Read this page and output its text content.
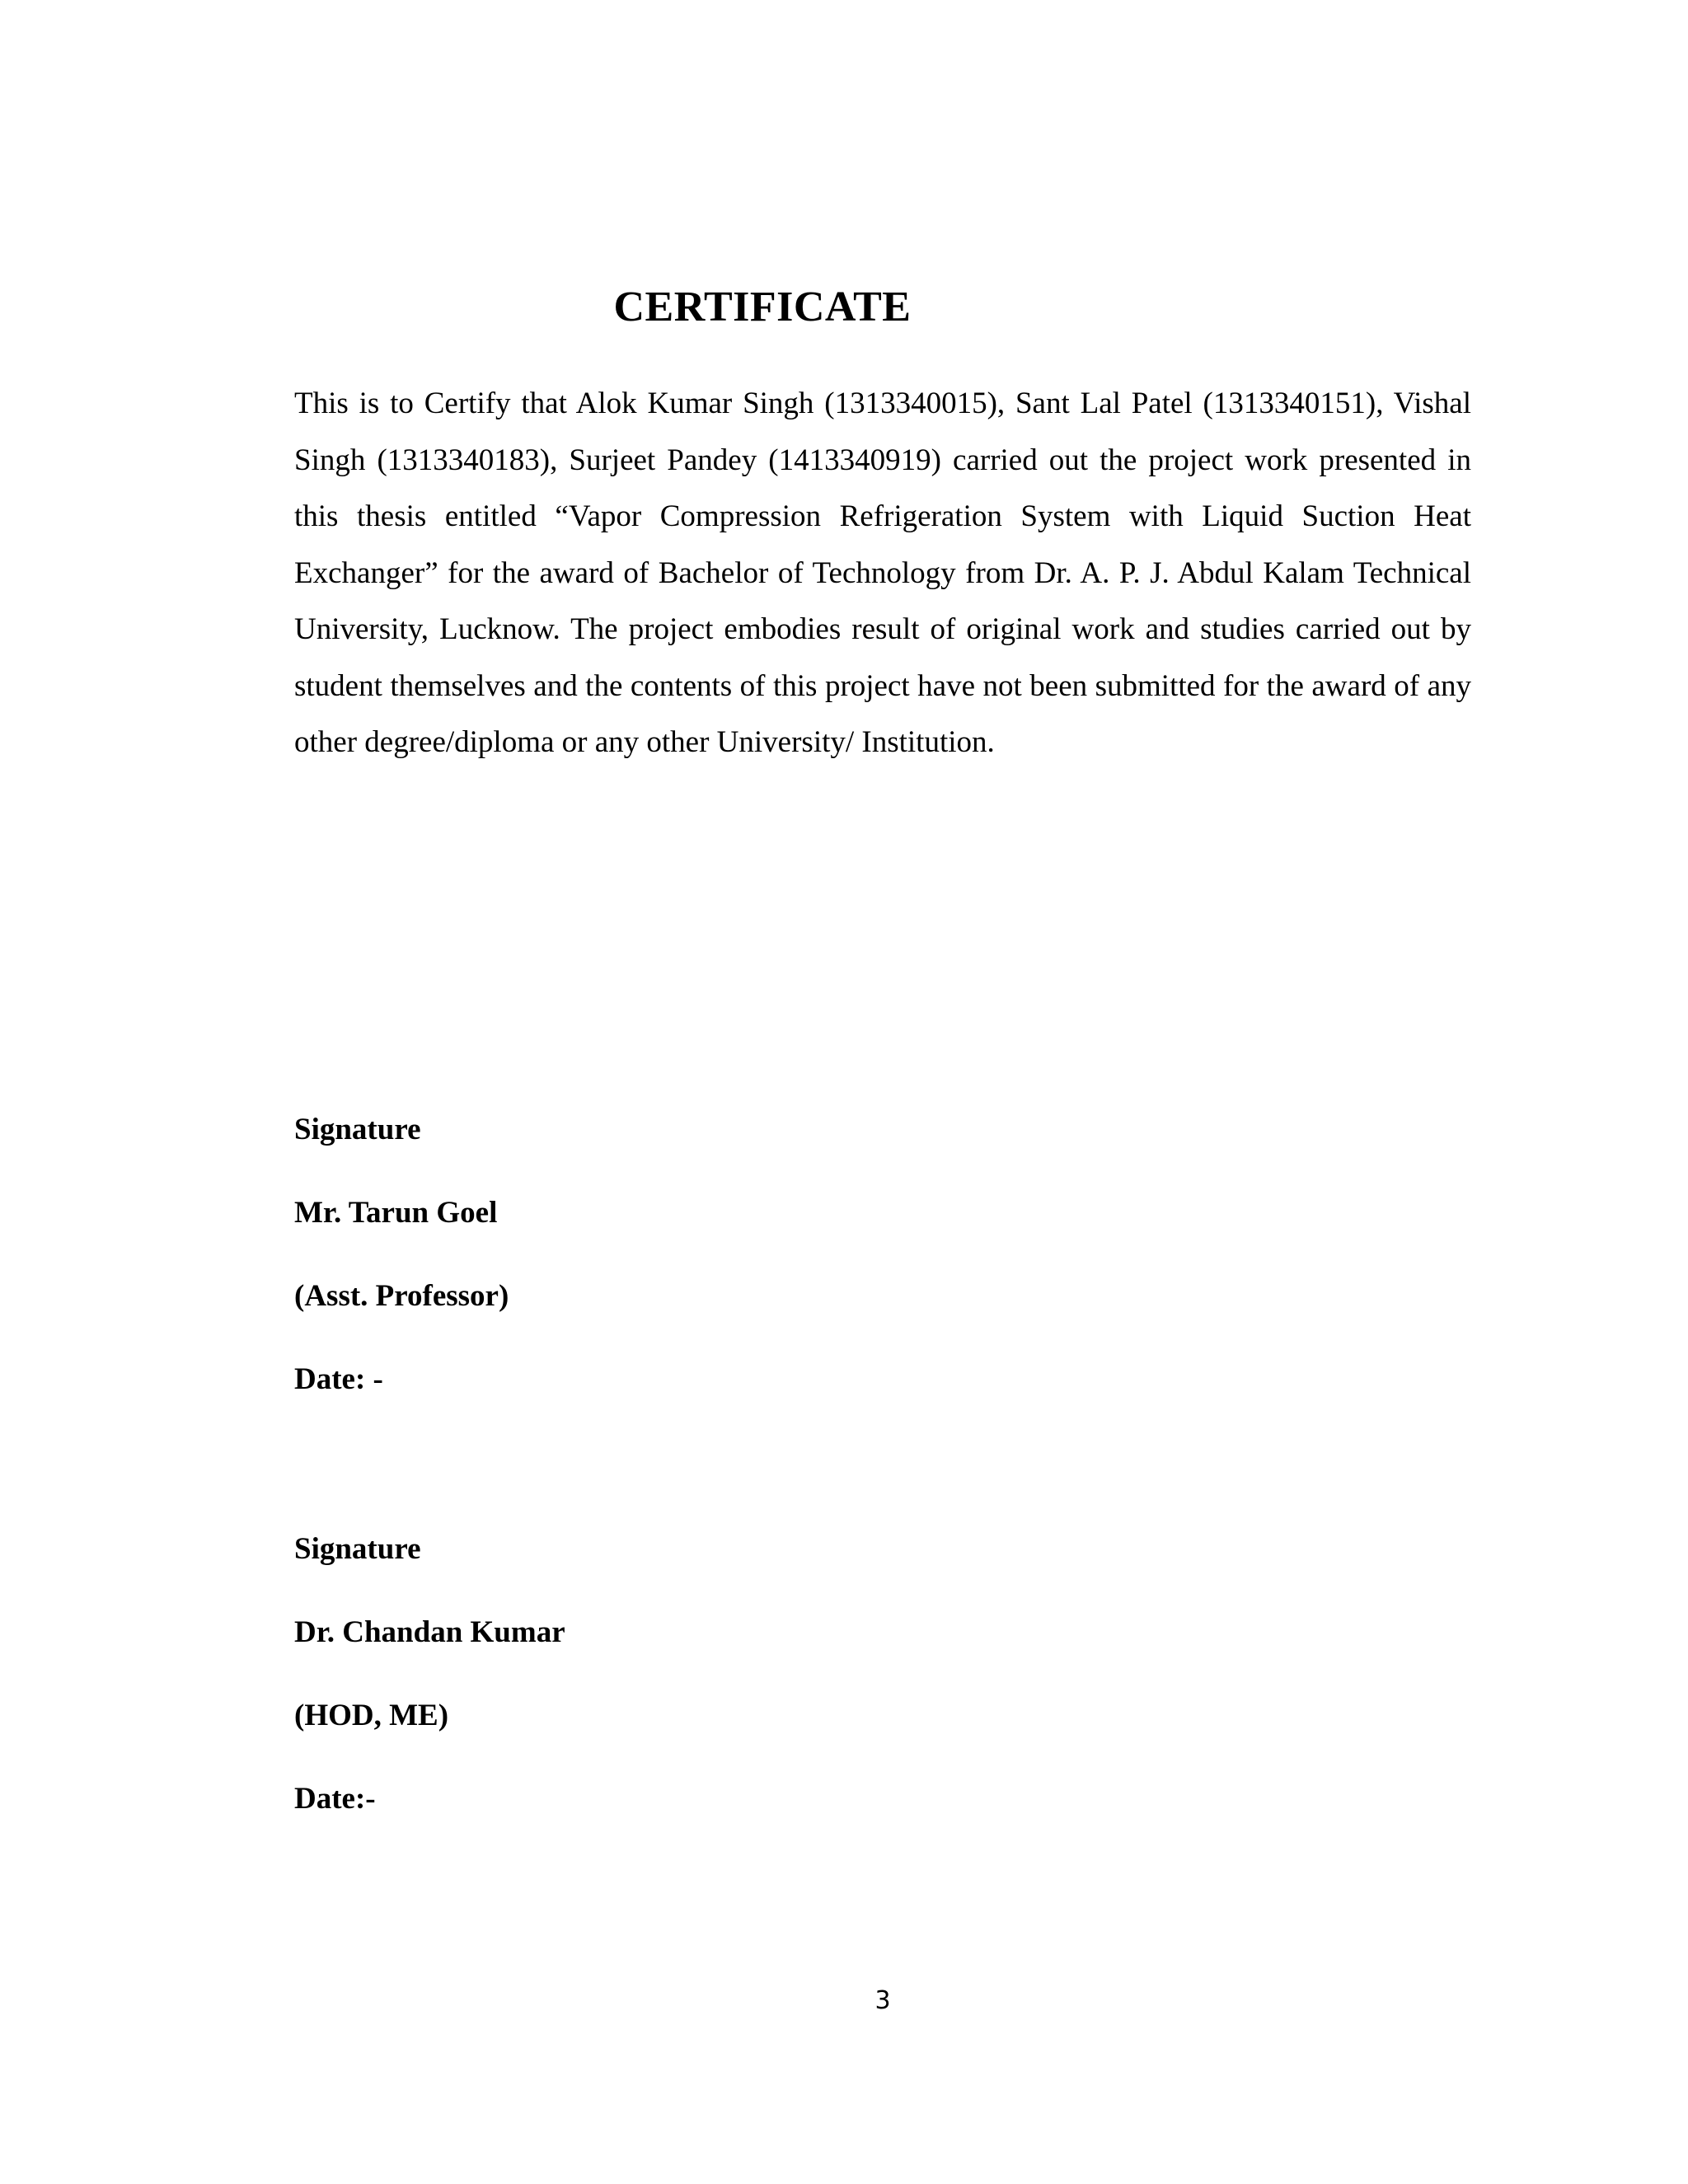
CERTIFICATE

This is to Certify that Alok Kumar Singh (1313340015), Sant Lal Patel (1313340151), Vishal Singh (1313340183), Surjeet Pandey (1413340919) carried out the project work presented in this thesis entitled “Vapor Compression Refrigeration System with Liquid Suction Heat Exchanger” for the award of Bachelor of Technology from Dr. A. P. J. Abdul Kalam Technical University, Lucknow. The project embodies result of original work and studies carried out by student themselves and the contents of this project have not been submitted for the award of any other degree/diploma or any other University/ Institution.

Signature
Mr. Tarun Goel
(Asst. Professor)
Date: -
Signature
Dr. Chandan Kumar
(HOD, ME)
Date:-
3
